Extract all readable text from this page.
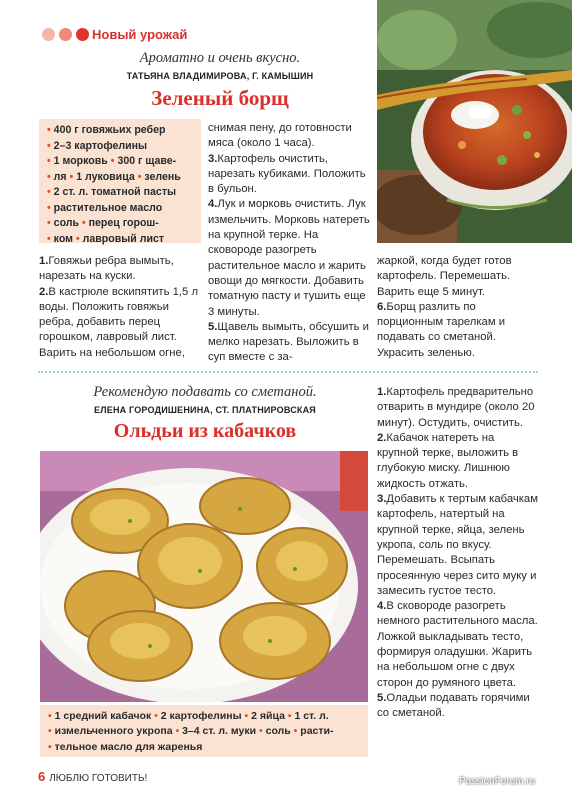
Новый урожай
Ароматно и очень вкусно.
ТАТЬЯНА ВЛАДИМИРОВА, Г. КАМЫШИН
Зеленый борщ
• 400 г говяжьих ребер
• 2–3 картофелины
• 1 морковь • 300 г щаве-
• ля • 1 луковица • зелень
• 2 ст. л. томатной пасты
• растительное масло
• соль • перец горош-
• ком • лавровый лист

1.Говяжьи ребра вымыть, нарезать на куски.

2.В кастрюле вскипятить 1,5 л воды. Положить говяжьи ребра, добавить перец горошком, лавровый лист. Варить на небольшом огне,

снимая пену, до готовности мяса (около 1 часа).

3.Картофель очистить, нарезать кубиками. Положить в бульон.

4.Лук и морковь очистить. Лук измельчить. Морковь натереть на крупной терке. На сковороде разогреть растительное масло и жарить овощи до мягкости. Добавить томатную пасту и тушить еще 3 минуты.

5.Щавель вымыть, обсушить и мелко нарезать. Выложить в суп вместе с за-

жаркой, когда будет готов картофель. Перемешать. Варить еще 5 минут.

6.Борщ разлить по порционным тарелкам и подавать со сметаной. Украсить зеленью.

Рекомендую подавать со сметаной.
ЕЛЕНА ГОРОДИШЕНИНА, СТ. ПЛАТНИРОВСКАЯ
Ольдьи из кабачков
• 1 средний кабачок • 2 картофелины • 2 яйца • 1 ст. л.
• измельченного укропа • 3–4 ст. л. муки • соль • расти-
• тельное масло для жаренья

1.Картофель предварительно отварить в мундире (около 20 минут). Остудить, очистить.

2.Кабачок натереть на крупной терке, выложить в глубокую миску. Лишнюю жидкость отжать.

3.Добавить к тертым кабачкам картофель, натертый на крупной терке, яйца, зелень укропа, соль по вкусу. Перемешать. Всыпать просеянную через сито муку и замесить густое тесто.

4.В сковороде разогреть немного растительного масла. Ложкой выкладывать тесто, формируя оладушки. Жарить на небольшом огне с двух сторон до румяного цвета.

5.Оладьи подавать горячими со сметаной.

6 ЛЮБЛЮ ГОТОВИТЬ!	PassionForum.ru
